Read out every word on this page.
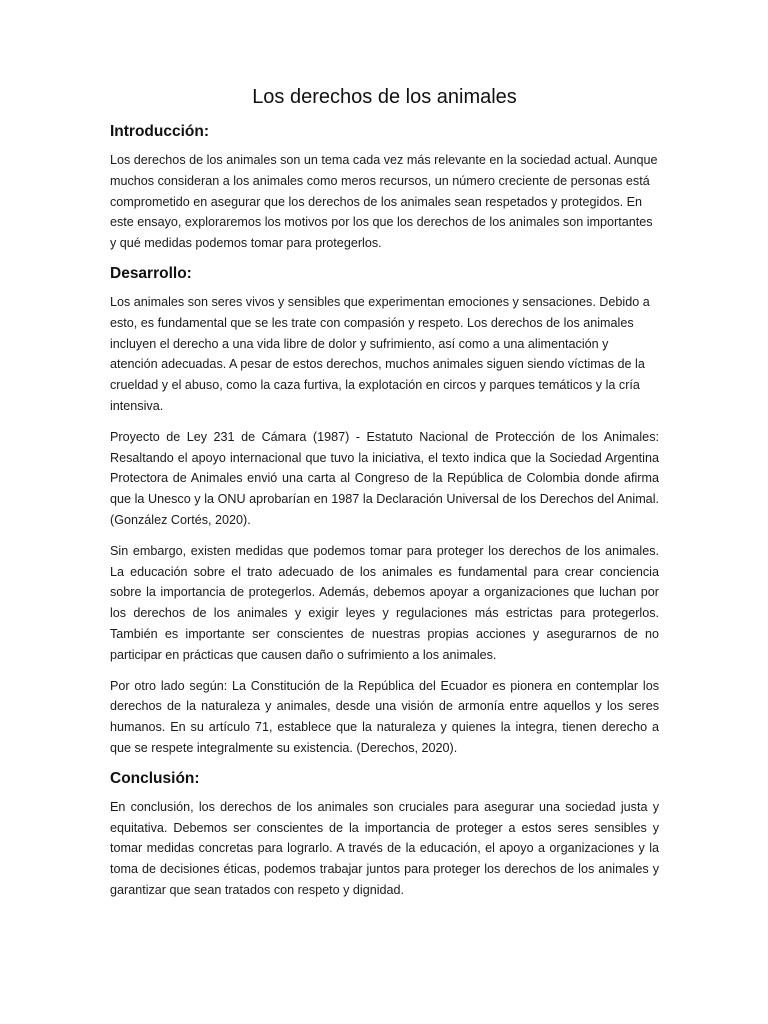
Los derechos de los animales
Introducción:

Los derechos de los animales son un tema cada vez más relevante en la sociedad actual. Aunque muchos consideran a los animales como meros recursos, un número creciente de personas está comprometido en asegurar que los derechos de los animales sean respetados y protegidos. En este ensayo, exploraremos los motivos por los que los derechos de los animales son importantes y qué medidas podemos tomar para protegerlos.

Desarrollo:

Los animales son seres vivos y sensibles que experimentan emociones y sensaciones. Debido a esto, es fundamental que se les trate con compasión y respeto. Los derechos de los animales incluyen el derecho a una vida libre de dolor y sufrimiento, así como a una alimentación y atención adecuadas. A pesar de estos derechos, muchos animales siguen siendo víctimas de la crueldad y el abuso, como la caza furtiva, la explotación en circos y parques temáticos y la cría intensiva.

Proyecto de Ley 231 de Cámara (1987) - Estatuto Nacional de Protección de los Animales: Resaltando el apoyo internacional que tuvo la iniciativa, el texto indica que la Sociedad Argentina Protectora de Animales envió una carta al Congreso de la República de Colombia donde afirma que la Unesco y la ONU aprobarían en 1987 la Declaración Universal de los Derechos del Animal. (González Cortés, 2020).

Sin embargo, existen medidas que podemos tomar para proteger los derechos de los animales. La educación sobre el trato adecuado de los animales es fundamental para crear conciencia sobre la importancia de protegerlos. Además, debemos apoyar a organizaciones que luchan por los derechos de los animales y exigir leyes y regulaciones más estrictas para protegerlos. También es importante ser conscientes de nuestras propias acciones y asegurarnos de no participar en prácticas que causen daño o sufrimiento a los animales.

Por otro lado según: La Constitución de la República del Ecuador es pionera en contemplar los derechos de la naturaleza y animales, desde una visión de armonía entre aquellos y los seres humanos. En su artículo 71, establece que la naturaleza y quienes la integra, tienen derecho a que se respete integralmente su existencia. (Derechos, 2020).

Conclusión:

En conclusión, los derechos de los animales son cruciales para asegurar una sociedad justa y equitativa. Debemos ser conscientes de la importancia de proteger a estos seres sensibles y tomar medidas concretas para lograrlo. A través de la educación, el apoyo a organizaciones y la toma de decisiones éticas, podemos trabajar juntos para proteger los derechos de los animales y garantizar que sean tratados con respeto y dignidad.
